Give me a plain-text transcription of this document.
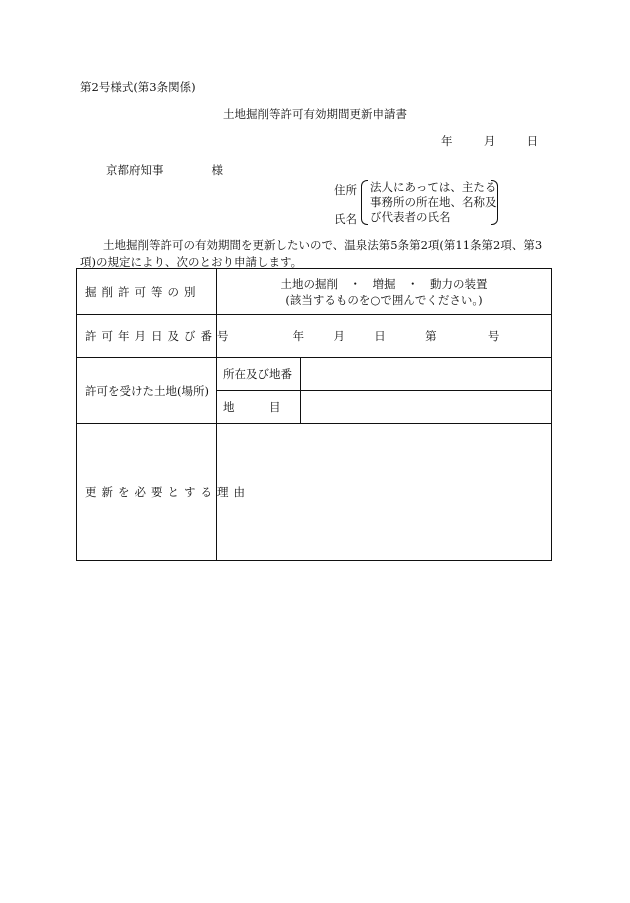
第2号様式(第3条関係)
土地掘削等許可有効期間更新申請書
年	月	日
京都府知事	様
住所
氏名
法人にあっては、主たる
事務所の所在地、名称及
び代表者の氏名
土地掘削等許可の有効期間を更新したいので、温泉法第5条第2項(第11条第2項、第3
項)の規定により、次のとおり申請します。
掘削許可等の別	土地の掘削　・　増掘　・　動力の装置
(該当するものを○で囲んでください。)	

許可年月日及び番号	年 月 日 第 号	
許可を受けた土地(場所)	所在及び地番	
	地　　　目	
更新を必要とする理由		
